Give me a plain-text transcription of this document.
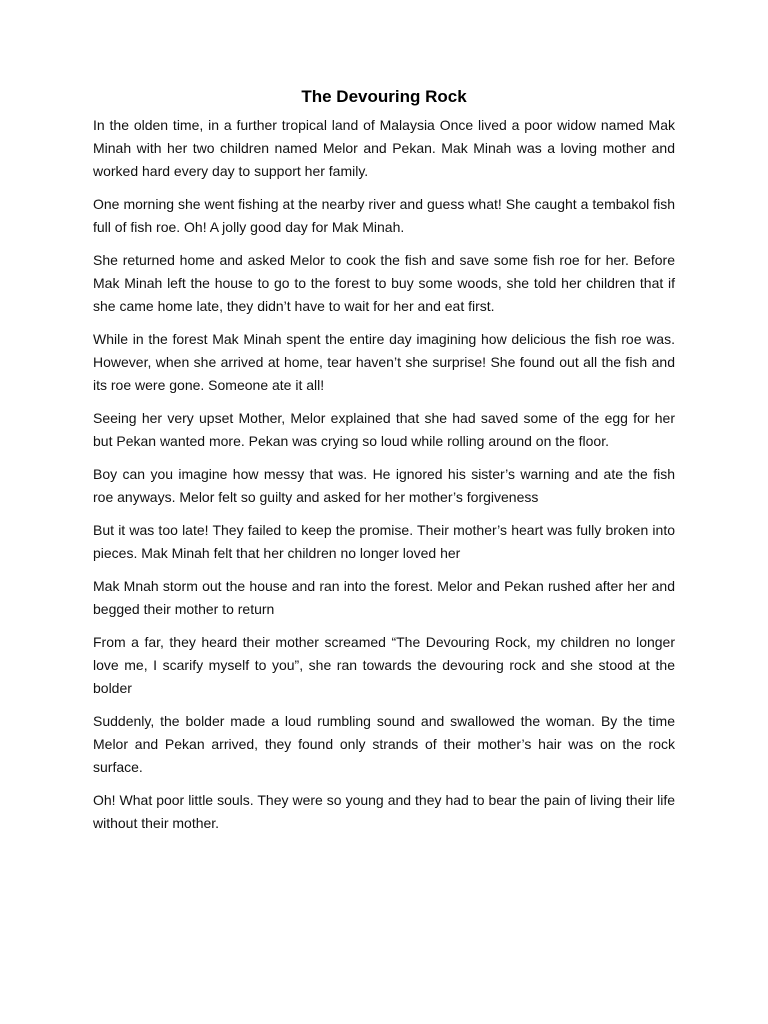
The Devouring Rock

In the olden time, in a further tropical land of Malaysia Once lived a poor widow named Mak Minah with her two children named Melor and Pekan. Mak Minah was a loving mother and worked hard every day to support her family.

One morning she went fishing at the nearby river and guess what! She caught a tembakol fish full of fish roe. Oh! A jolly good day for Mak Minah.

She returned home and asked Melor to cook the fish and save some fish roe for her. Before Mak Minah left the house to go to the forest to buy some woods, she told her children that if she came home late, they didn’t have to wait for her and eat first.

While in the forest Mak Minah spent the entire day imagining how delicious the fish roe was. However, when she arrived at home, tear haven’t she surprise! She found out all the fish and its roe were gone. Someone ate it all!

Seeing her very upset Mother, Melor explained that she had saved some of the egg for her but Pekan wanted more. Pekan was crying so loud while rolling around on the floor.

Boy can you imagine how messy that was. He ignored his sister’s warning and ate the fish roe anyways. Melor felt so guilty and asked for her mother’s forgiveness

But it was too late! They failed to keep the promise. Their mother’s heart was fully broken into pieces. Mak Minah felt that her children no longer loved her

Mak Mnah storm out the house and ran into the forest. Melor and Pekan rushed after her and begged their mother to return

From a far, they heard their mother screamed “The Devouring Rock, my children no longer love me, I scarify myself to you”, she ran towards the devouring rock and she stood at the bolder

Suddenly, the bolder made a loud rumbling sound and swallowed the woman. By the time Melor and Pekan arrived, they found only strands of their mother’s hair was on the rock surface.

Oh! What poor little souls. They were so young and they had to bear the pain of living their life without their mother.
